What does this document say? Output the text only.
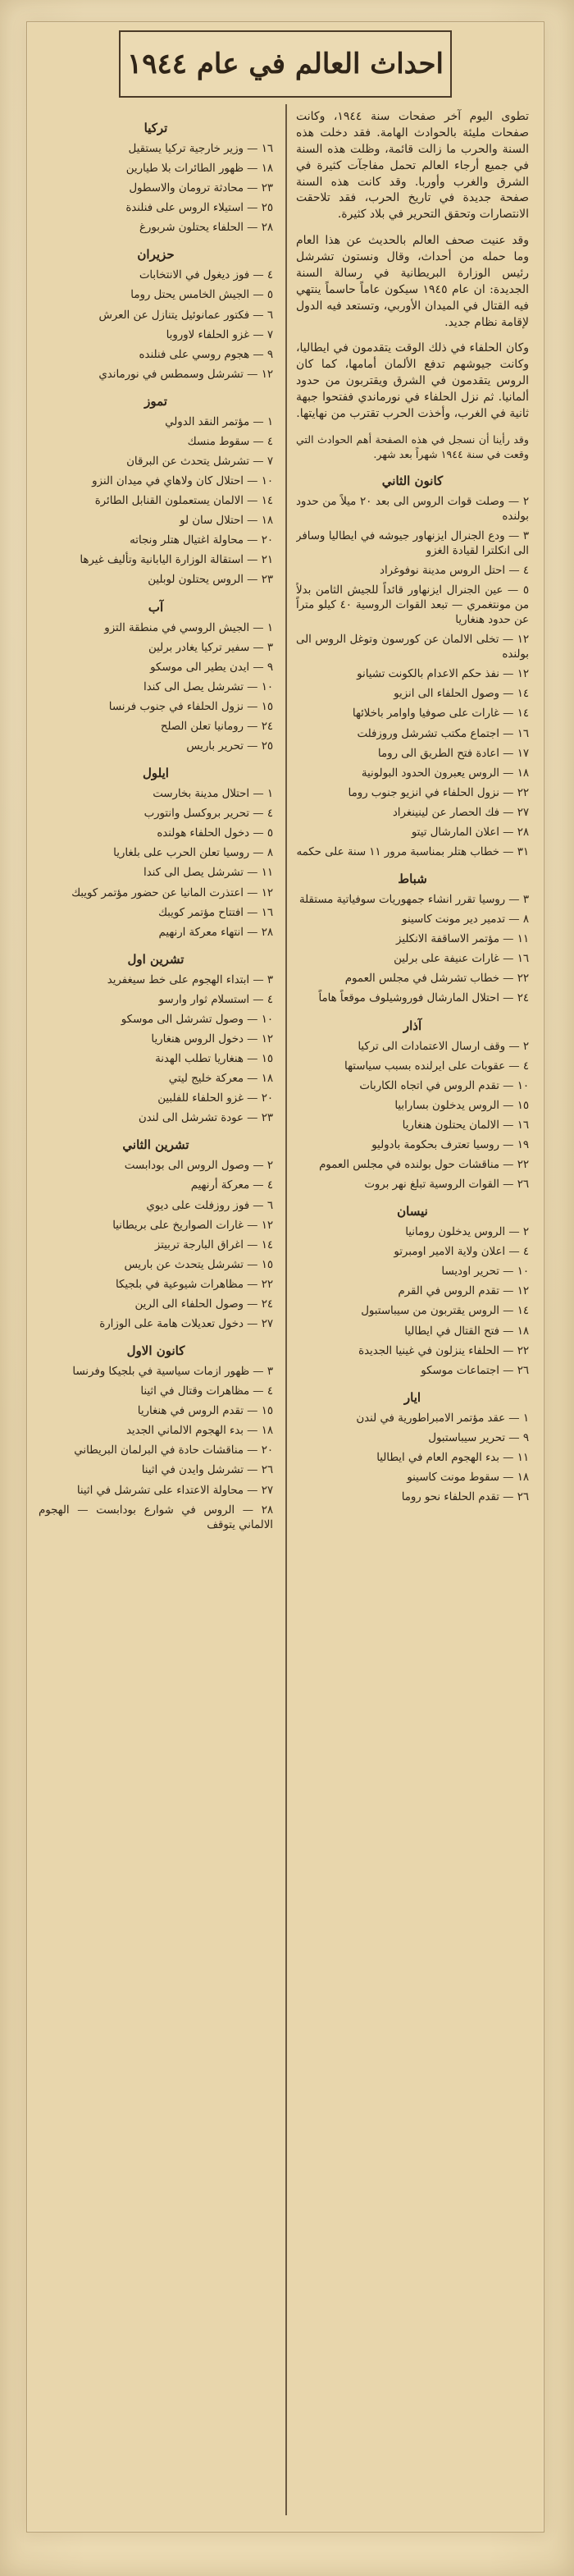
احداث العالم في عام ١٩٤٤
تطوى اليوم آخر صفحات سنة ١٩٤٤، وكانت صفحات مليئة بالحوادث الهامة. فقد دخلت هذه السنة والحرب ما زالت قائمة، وظلت هذه السنة في جميع أرجاء العالم تحمل مفاجآت كثيرة في الشرق والغرب وأوربا. وقد كانت هذه السنة صفحة جديدة في تاريخ الحرب، فقد تلاحقت الانتصارات وتحقق التحرير في بلاد كثيرة.
وقد عنيت صحف العالم بالحديث عن هذا العام وما حمله من أحداث، وقال ونستون تشرشل رئيس الوزارة البريطانية في رسالة السنة الجديدة: ان عام ١٩٤٥ سيكون عاماً حاسماً ينتهي فيه القتال في الميدان الأوربي، وتستعد فيه الدول لإقامة نظام جديد.
وكان الحلفاء في ذلك الوقت يتقدمون في ايطاليا، وكانت جيوشهم تدفع الألمان أمامها، كما كان الروس يتقدمون في الشرق ويقتربون من حدود ألمانيا. ثم نزل الحلفاء في نورماندي ففتحوا جبهة ثانية في الغرب، وأخذت الحرب تقترب من نهايتها.
وقد رأينا أن نسجل في هذه الصفحة أهم الحوادث التي وقعت في سنة ١٩٤٤ شهراً بعد شهر.
كانون الثاني
٢ — وصلت قوات الروس الى بعد ٢٠ ميلاً من حدود بولنده
٣ — ودع الجنرال ايزنهاور جيوشه في ايطاليا وسافر الى انكلترا لقيادة الغزو
٤ — احتل الروس مدينة نوفوغراد
٥ — عين الجنرال ايزنهاور قائداً للجيش الثامن بدلاً من مونتغمري — تبعد القوات الروسية ٤٠ كيلو متراً عن حدود هنغاريا
١٢ — تخلى الالمان عن كورسون وتوغل الروس الى بولنده
١٢ — نفذ حكم الاعدام بالكونت تشيانو
١٤ — وصول الحلفاء الى انزيو
١٤ — غارات على صوفيا واوامر باخلائها
١٦ — اجتماع مكتب تشرشل وروزفلت
١٧ — اعادة فتح الطريق الى روما
١٨ — الروس يعبرون الحدود البولونية
٢٢ — نزول الحلفاء في انزيو جنوب روما
٢٧ — فك الحصار عن لينينغراد
٢٨ — اعلان المارشال تيتو
٣١ — خطاب هتلر بمناسبة مرور ١١ سنة على حكمه
شباط
٣ — روسيا تقرر انشاء جمهوريات سوفياتية مستقلة
٨ — تدمير دير مونت كاسينو
١١ — مؤتمر الاساقفة الانكليز
١٦ — غارات عنيفة على برلين
٢٢ — خطاب تشرشل في مجلس العموم
٢٤ — احتلال المارشال فوروشيلوف موقعاً هاماً
آذار
٢ — وقف ارسال الاعتمادات الى تركيا
٤ — عقوبات على ايرلنده بسبب سياستها
١٠ — تقدم الروس في اتجاه الكاربات
١٥ — الروس يدخلون بسارابيا
١٦ — الالمان يحتلون هنغاريا
١٩ — روسيا تعترف بحكومة بادوليو
٢٢ — مناقشات حول بولنده في مجلس العموم
٢٦ — القوات الروسية تبلغ نهر بروت
نيسان
٢ — الروس يدخلون رومانيا
٤ — اعلان ولاية الامير اومبرتو
١٠ — تحرير اوديسا
١٢ — تقدم الروس في القرم
١٤ — الروس يقتربون من سيباستبول
١٨ — فتح القتال في ايطاليا
٢٢ — الحلفاء ينزلون في غينيا الجديدة
٢٦ — اجتماعات موسكو
ايار
١ — عقد مؤتمر الامبراطورية في لندن
٩ — تحرير سيباستبول
١١ — بدء الهجوم العام في ايطاليا
١٨ — سقوط مونت كاسينو
٢٦ — تقدم الحلفاء نحو روما
تركيا
١٦ — وزير خارجية تركيا يستقيل
١٨ — ظهور الطائرات بلا طيارين
٢٣ — محادثة ترومان والاسطول
٢٥ — استيلاء الروس على فنلندة
٢٨ — الحلفاء يحتلون شربورغ
حزيران
٤ — فوز ديغول في الانتخابات
٥ — الجيش الخامس يحتل روما
٦ — فكتور عمانوئيل يتنازل عن العرش
٧ — غزو الحلفاء لاوروبا
٩ — هجوم روسي على فنلنده
١٢ — تشرشل وسمطس في نورماندي
تموز
١ — مؤتمر النقد الدولي
٤ — سقوط منسك
٧ — تشرشل يتحدث عن البرقان
١٠ — احتلال كان ولاهاي في ميدان النزو
١٤ — الالمان يستعملون القنابل الطائرة
١٨ — احتلال سان لو
٢٠ — محاولة اغتيال هتلر ونجاته
٢١ — استقالة الوزارة اليابانية وتأليف غيرها
٢٣ — الروس يحتلون لوبلين
آب
١ — الجيش الروسي في منطقة التزو
٣ — سفير تركيا يغادر برلين
٩ — ايدن يطير الى موسكو
١٠ — تشرشل يصل الى كندا
١٥ — نزول الحلفاء في جنوب فرنسا
٢٤ — رومانيا تعلن الصلح
٢٥ — تحرير باريس
ايلول
١ — احتلال مدينة بخارست
٤ — تحرير بروكسل وانتورب
٥ — دخول الحلفاء هولنده
٨ — روسيا تعلن الحرب على بلغاريا
١١ — تشرشل يصل الى كندا
١٢ — اعتذرت المانيا عن حضور مؤتمر كويبك
١٦ — افتتاح مؤتمر كويبك
٢٨ — انتهاء معركة ارنهيم
تشرين اول
٣ — ابتداء الهجوم على خط سيغفريد
٤ — استسلام ثوار وارسو
١٠ — وصول تشرشل الى موسكو
١٢ — دخول الروس هنغاريا
١٥ — هنغاريا تطلب الهدنة
١٨ — معركة خليج ليتي
٢٠ — غزو الحلفاء للفلبين
٢٣ — عودة تشرشل الى لندن
تشرين الثاني
٢ — وصول الروس الى بودابست
٤ — معركة أرنهيم
٦ — فوز روزفلت على ديوي
١٢ — غارات الصواريخ على بريطانيا
١٤ — اغراق البارجة تربيتز
١٥ — تشرشل يتحدث عن باريس
٢٢ — مظاهرات شيوعية في بلجيكا
٢٤ — وصول الحلفاء الى الرين
٢٧ — دخول تعديلات هامة على الوزارة
كانون الاول
٣ — ظهور ازمات سياسية في بلجيكا وفرنسا
٤ — مظاهرات وقتال في اثينا
١٥ — تقدم الروس في هنغاريا
١٨ — بدء الهجوم الالماني الجديد
٢٠ — مناقشات حادة في البرلمان البريطاني
٢٦ — تشرشل وايدن في اثينا
٢٧ — محاولة الاعتداء على تشرشل في اثينا
٢٨ — الروس في شوارع بودابست — الهجوم الالماني يتوقف
